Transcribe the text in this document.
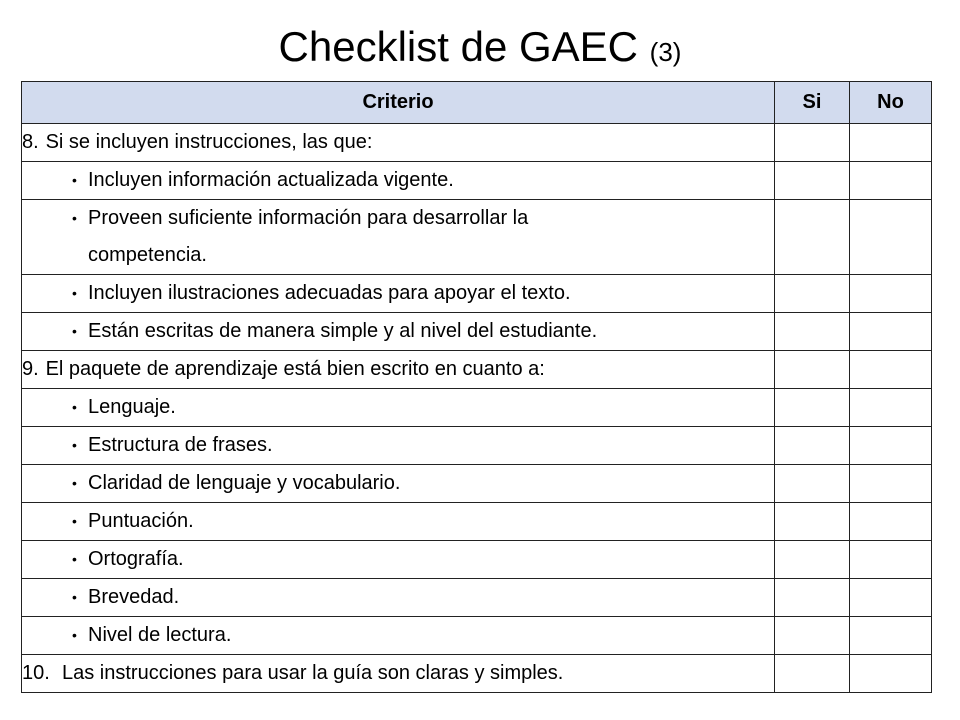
Checklist de GAEC (3)
Criterio	Si	No
8. Si se incluyen instrucciones, las que:		

• Incluyen información actualizada vigente.		

• Proveen suficiente información para desarrollar la competencia.		

• Incluyen ilustraciones adecuadas para apoyar el texto.		

• Están escritas de manera simple y al nivel del estudiante.		

9. El paquete de aprendizaje está bien escrito en cuanto a:		

• Lenguaje.		

• Estructura de frases.		

• Claridad de lenguaje y vocabulario.		

• Puntuación.		

• Ortografía.		

• Brevedad.		

• Nivel de lectura.		

10. Las instrucciones para usar la guía son claras y simples.		
